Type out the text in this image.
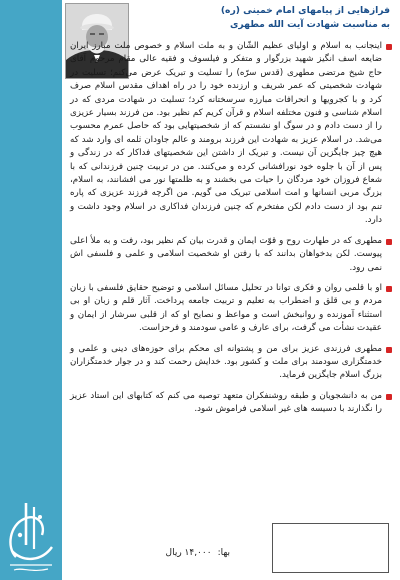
فرازهایی از پیامهای امام خمینی (ره)
به مناسبت شهادت آیت الله مطهری
اینجانب به اسلام و اولیای عظیم الشّان و به ملت اسلام و خصوص ملت مبارز ایران ضایعه اسف انگیز شهید بزرگوار و متفکر و فیلسوف و فقیه عالی مقام مرحوم آقای حاج شیخ مرتضی مطهری (قدس سرّه) را تسلیت و تبریک عرض می‌کنم؛ تسلیت در شهادت شخصیتی که عمر شریف و ارزنده خود را در راه اهداف مقدس اسلام صرف کرد و با کجرویها و انحرافات مبارزه سرسختانه کرد؛ تسلیت در شهادت مردی که در اسلام شناسی و فنون مختلفه اسلام و قرآن کریم کم نظیر بود. من فرزند بسیار عزیزی را از دست دادم و در سوگ او نشستم که از شخصیتهایی بود که حاصل عمرم محسوب می‌شد. در اسلام عزیز به شهادت این فرزند برومند و عالم جاودان ثلمه ای وارد شد که هیچ چیز جایگزین آن نیست. و تبریک از داشتن این شخصیتهای فداکار که در زندگی و پس از آن با جلوه خود نورافشانی کرده و می‌کنند. من در تربیت چنین فرزندانی که با شعاع فروزان خود مردگان را حیات می بخشند و به ظلمتها نور می افشانند، به اسلام، بزرگ مربی انسانها و امت اسلامی تبریک می گویم. من اگرچه فرزند عزیزی که پاره تنم بود از دست دادم لکن مفتخرم که چنین فرزندان فداکاری در اسلام وجود داشت و دارد.
مطهری که در طهارت روح و قوّت ایمان و قدرت بیان کم نظیر بود، رفت و به ملأ اعلی پیوست. لکن بدخواهان بدانند که با رفتن او شخصیت اسلامی و علمی و فلسفی اش نمی رود.
او با قلمی روان و فکری توانا در تحلیل مسائل اسلامی و توضیح حقایق فلسفی با زبان مردم و بی قلق و اضطراب به تعلیم و تربیت جامعه پرداخت. آثار قلم و زبان او بی استثناء آموزنده و روانبخش است و مواعظ و نصایح او که از قلبی سرشار از ایمان و عقیدت نشأت می گرفت، برای عارف و عامی سودمند و فرحزاست.
مطهری فرزندی عزیز برای من و پشتوانه ای محکم برای حوزه‌های دینی و علمی و خدمتگزاری سودمند برای ملت و کشور بود. خدایش رحمت کند و در جوار خدمتگزاران بزرگ اسلام جایگزین فرماید.
من به دانشجویان و طبقه روشنفکران متعهد توصیه می کنم که کتابهای این استاد عزیز را نگذارند با دسیسه های غیر اسلامی فراموش شود.
بها:۱۴,۰۰۰ ریال
